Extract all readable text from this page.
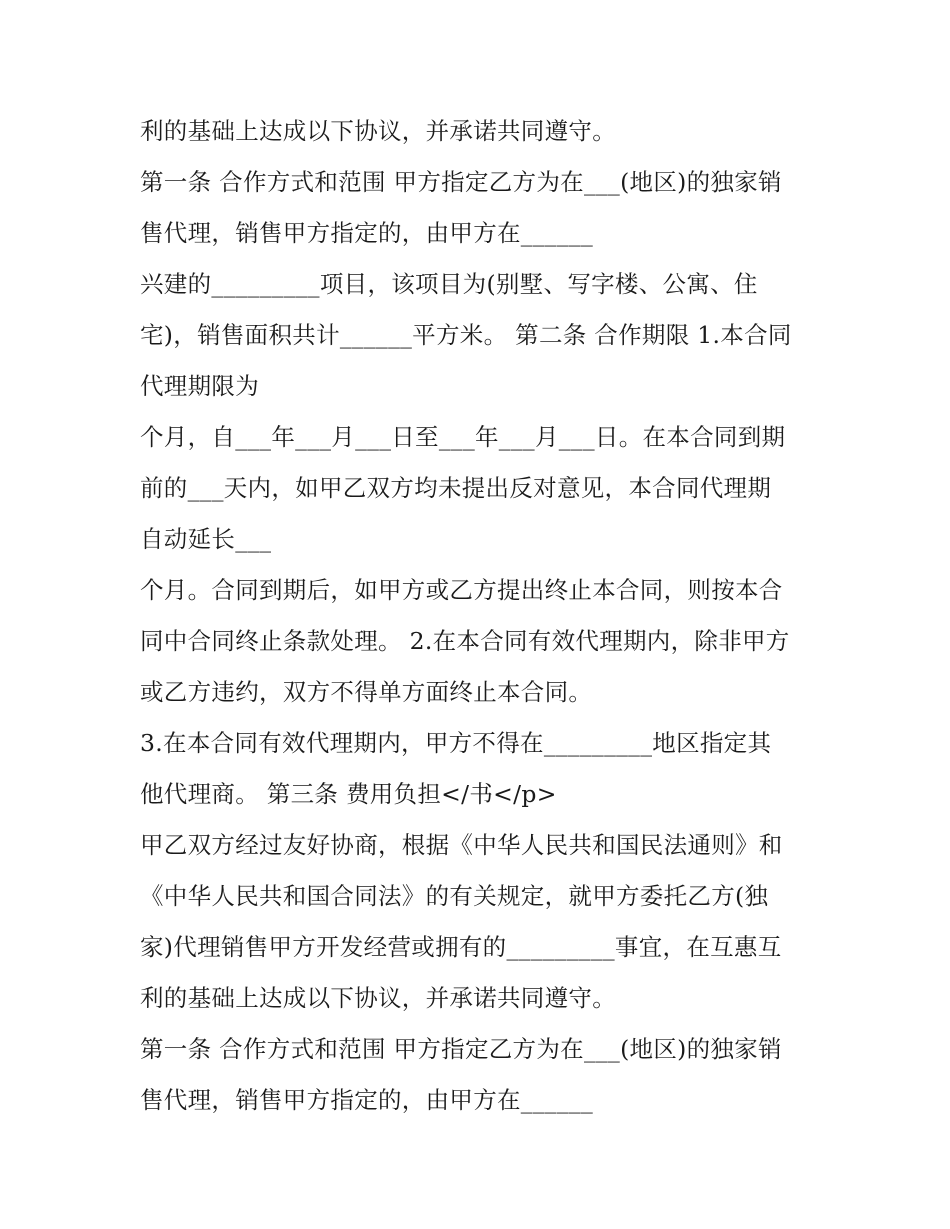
利的基础上达成以下协议，并承诺共同遵守。
第一条 合作方式和范围 甲方指定乙方为在___(地区)的独家销
售代理，销售甲方指定的，由甲方在______
兴建的_________项目，该项目为(别墅、写字楼、公寓、住
宅)，销售面积共计______平方米。 第二条 合作期限 1.本合同
代理期限为
个月，自___年___月___日至___年___月___日。在本合同到期
前的___天内，如甲乙双方均未提出反对意见，本合同代理期
自动延长___
个月。合同到期后，如甲方或乙方提出终止本合同，则按本合
同中合同终止条款处理。 2.在本合同有效代理期内，除非甲方
或乙方违约，双方不得单方面终止本合同。
3.在本合同有效代理期内，甲方不得在_________地区指定其
他代理商。 第三条 费用负担</书</p>
甲乙双方经过友好协商，根据《中华人民共和国民法通则》和
《中华人民共和国合同法》的有关规定，就甲方委托乙方(独
家)代理销售甲方开发经营或拥有的_________事宜，在互惠互
利的基础上达成以下协议，并承诺共同遵守。
第一条 合作方式和范围 甲方指定乙方为在___(地区)的独家销
售代理，销售甲方指定的，由甲方在______
